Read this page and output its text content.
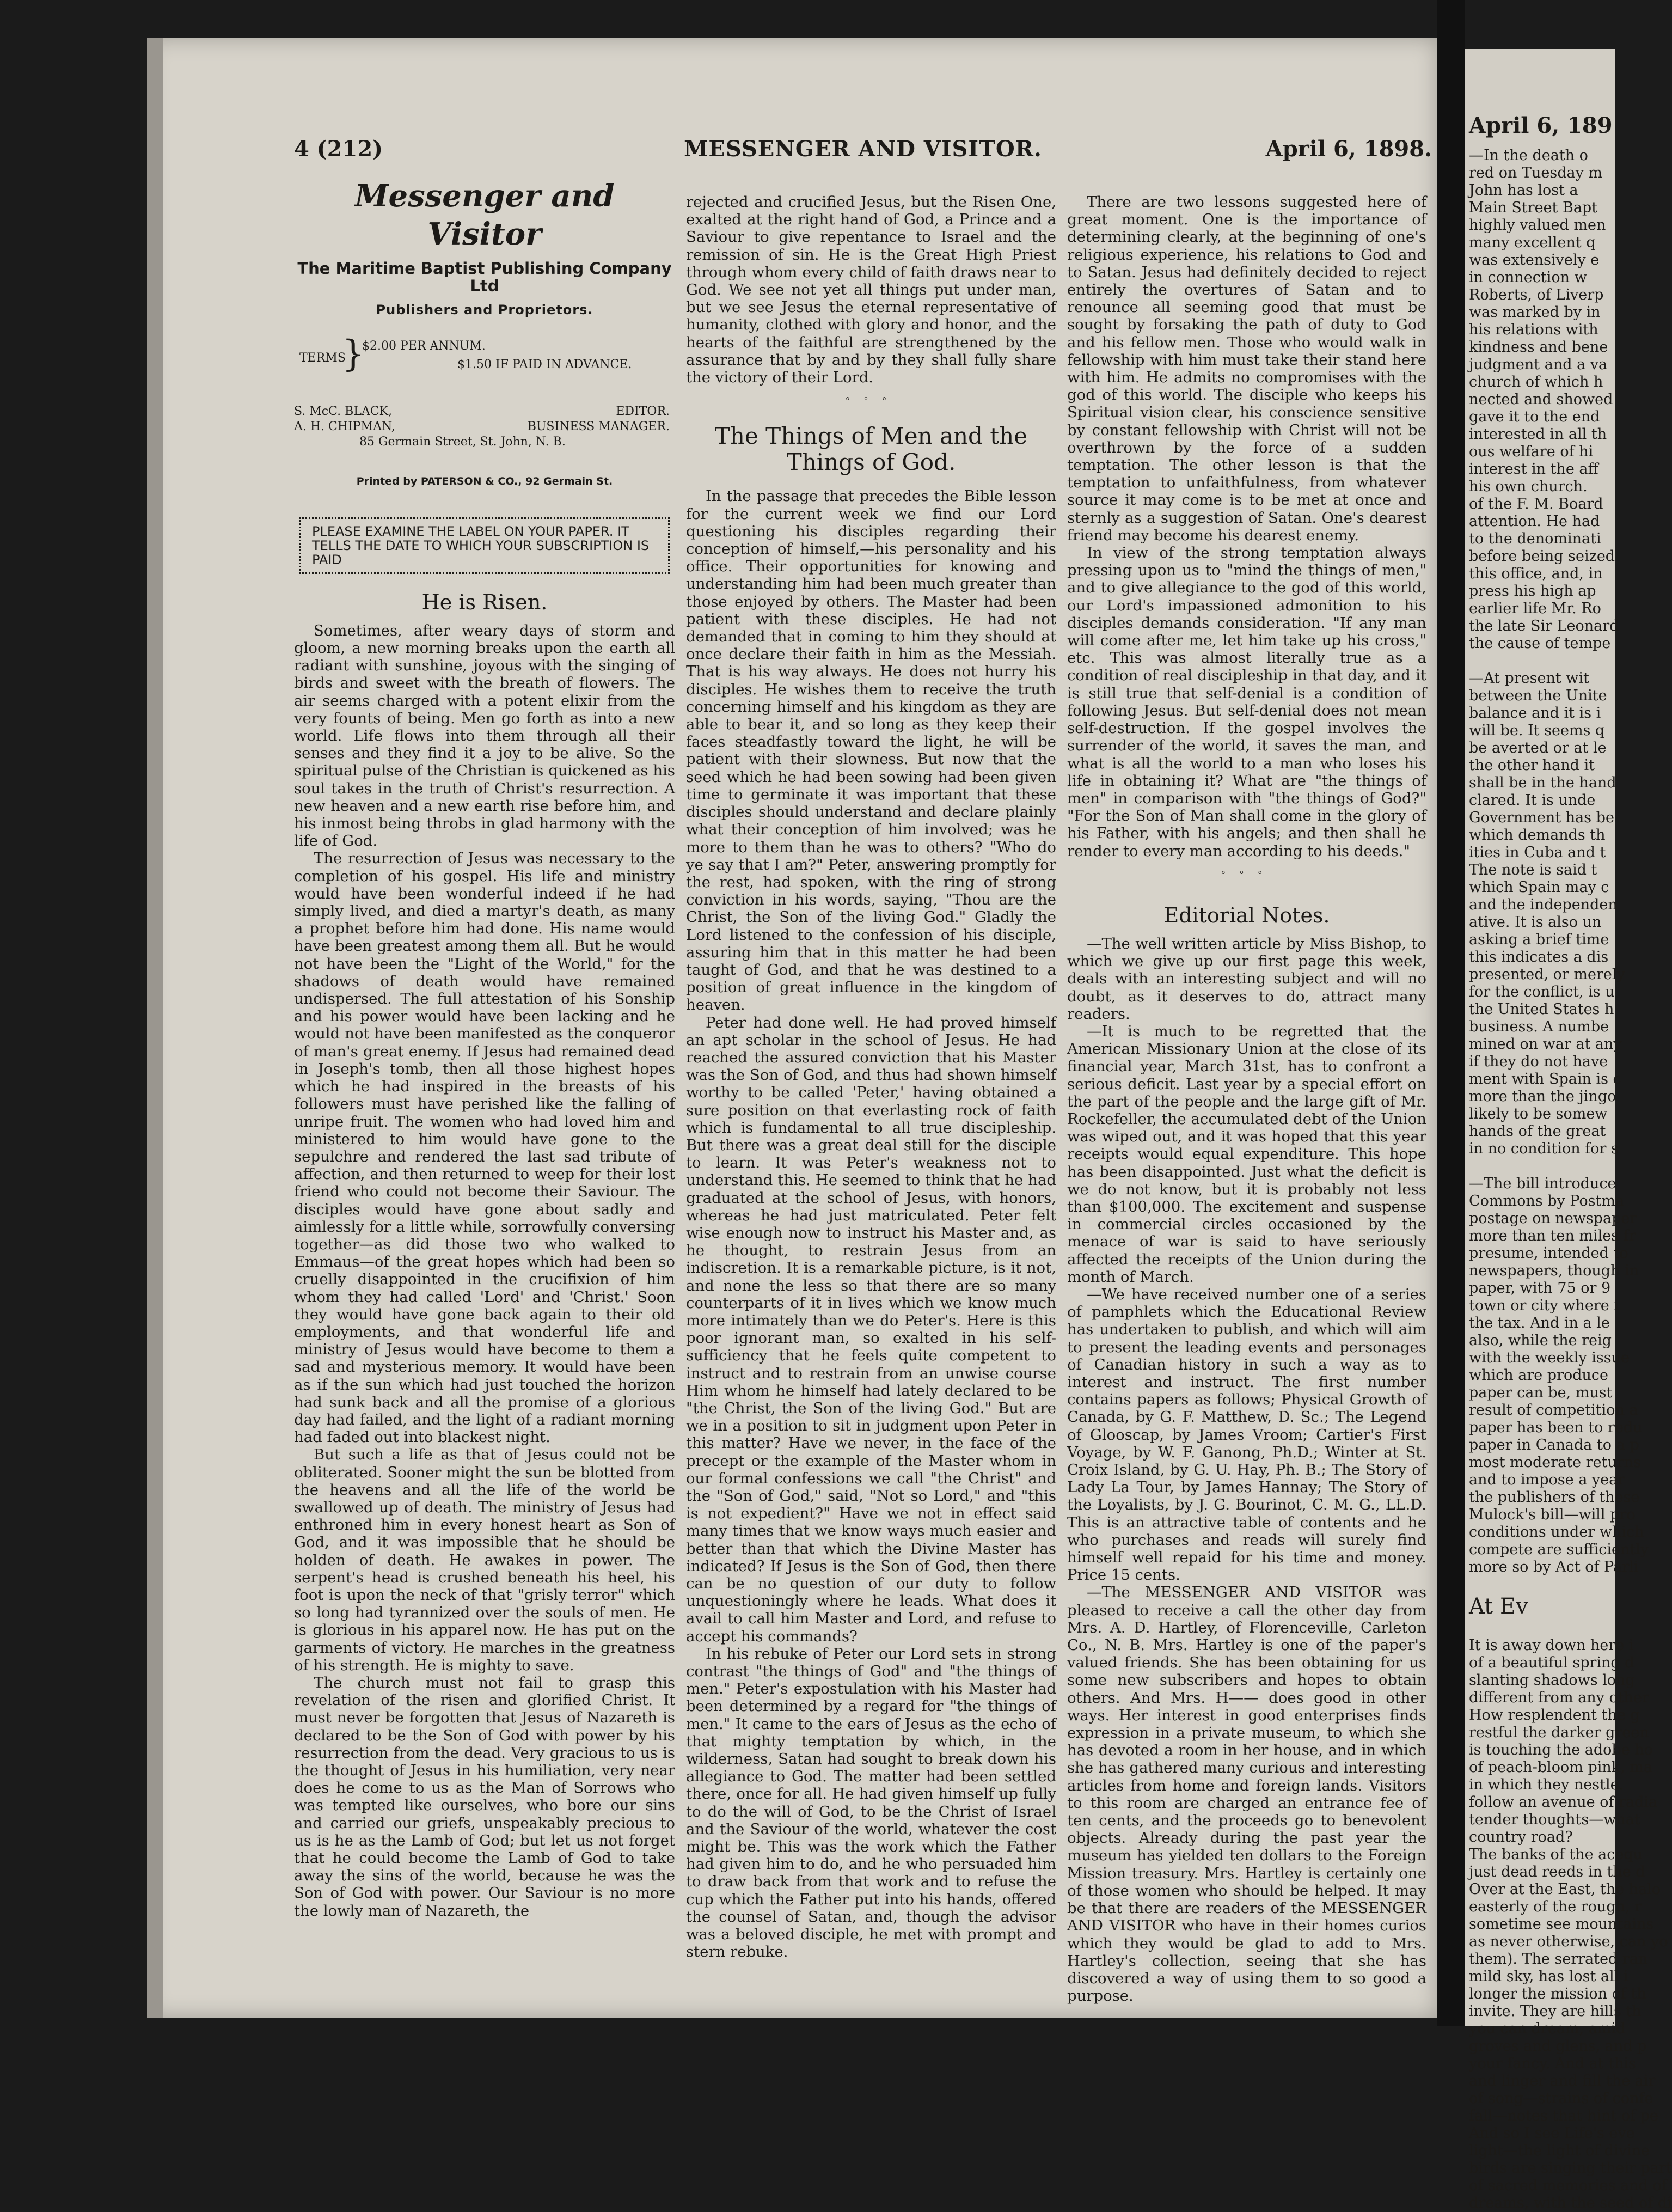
4 (212)	MESSENGER AND VISITOR.	April 6, 1898.
Messenger and Visitor
The Maritime Baptist Publishing Company Ltd
Publishers and Proprietors.
TERMS
}
$2.00 PER ANNUM.
$1.50 IF PAID IN ADVANCE.
S. McC. BLACK,	EDITOR.
A. H. CHIPMAN,	BUSINESS MANAGER.
85 Germain Street, St. John, N. B.
Printed by PATERSON & CO., 92 Germain St.
PLEASE EXAMINE THE LABEL ON YOUR PAPER. IT TELLS THE DATE TO WHICH YOUR SUBSCRIPTION IS PAID
He is Risen.

Sometimes, after weary days of storm and gloom, a new morning breaks upon the earth all radiant with sunshine, joyous with the singing of birds and sweet with the breath of flowers. The air seems charged with a potent elixir from the very founts of being. Men go forth as into a new world. Life flows into them through all their senses and they find it a joy to be alive. So the spiritual pulse of the Christian is quickened as his soul takes in the truth of Christ's resurrection. A new heaven and a new earth rise before him, and his inmost being throbs in glad harmony with the life of God.

The resurrection of Jesus was necessary to the completion of his gospel. His life and ministry would have been wonderful indeed if he had simply lived, and died a martyr's death, as many a prophet before him had done. His name would have been greatest among them all. But he would not have been the "Light of the World," for the shadows of death would have remained undispersed. The full attestation of his Sonship and his power would have been lacking and he would not have been manifested as the conqueror of man's great enemy. If Jesus had remained dead in Joseph's tomb, then all those highest hopes which he had inspired in the breasts of his followers must have perished like the falling of unripe fruit. The women who had loved him and ministered to him would have gone to the sepulchre and rendered the last sad tribute of affection, and then returned to weep for their lost friend who could not become their Saviour. The disciples would have gone about sadly and aimlessly for a little while, sorrowfully conversing together—as did those two who walked to Emmaus—of the great hopes which had been so cruelly disappointed in the crucifixion of him whom they had called 'Lord' and 'Christ.' Soon they would have gone back again to their old employments, and that wonderful life and ministry of Jesus would have become to them a sad and mysterious memory. It would have been as if the sun which had just touched the horizon had sunk back and all the promise of a glorious day had failed, and the light of a radiant morning had faded out into blackest night.

But such a life as that of Jesus could not be obliterated. Sooner might the sun be blotted from the heavens and all the life of the world be swallowed up of death. The ministry of Jesus had enthroned him in every honest heart as Son of God, and it was impossible that he should be holden of death. He awakes in power. The serpent's head is crushed beneath his heel, his foot is upon the neck of that "grisly terror" which so long had tyrannized over the souls of men. He is glorious in his apparel now. He has put on the garments of victory. He marches in the greatness of his strength. He is mighty to save.

The church must not fail to grasp this revelation of the risen and glorified Christ. It must never be forgotten that Jesus of Nazareth is declared to be the Son of God with power by his resurrection from the dead. Very gracious to us is the thought of Jesus in his humiliation, very near does he come to us as the Man of Sorrows who was tempted like ourselves, who bore our sins and carried our griefs, unspeakably precious to us is he as the Lamb of God; but let us not forget that he could become the Lamb of God to take away the sins of the world, because he was the Son of God with power. Our Saviour is no more the lowly man of Nazareth, the

rejected and crucified Jesus, but the Risen One, exalted at the right hand of God, a Prince and a Saviour to give repentance to Israel and the remission of sin. He is the Great High Priest through whom every child of faith draws near to God. We see not yet all things put under man, but we see Jesus the eternal representative of humanity, clothed with glory and honor, and the hearts of the faithful are strengthened by the assurance that by and by they shall fully share the victory of their Lord.

ﾟ ﾟ ﾟ
The Things of Men and the Things of God.

In the passage that precedes the Bible lesson for the current week we find our Lord questioning his disciples regarding their conception of himself,—his personality and his office. Their opportunities for knowing and understanding him had been much greater than those enjoyed by others. The Master had been patient with these disciples. He had not demanded that in coming to him they should at once declare their faith in him as the Messiah. That is his way always. He does not hurry his disciples. He wishes them to receive the truth concerning himself and his kingdom as they are able to bear it, and so long as they keep their faces steadfastly toward the light, he will be patient with their slowness. But now that the seed which he had been sowing had been given time to germinate it was important that these disciples should understand and declare plainly what their conception of him involved; was he more to them than he was to others? "Who do ye say that I am?" Peter, answering promptly for the rest, had spoken, with the ring of strong conviction in his words, saying, "Thou are the Christ, the Son of the living God." Gladly the Lord listened to the confession of his disciple, assuring him that in this matter he had been taught of God, and that he was destined to a position of great influence in the kingdom of heaven.

Peter had done well. He had proved himself an apt scholar in the school of Jesus. He had reached the assured conviction that his Master was the Son of God, and thus had shown himself worthy to be called 'Peter,' having obtained a sure position on that everlasting rock of faith which is fundamental to all true discipleship. But there was a great deal still for the disciple to learn. It was Peter's weakness not to understand this. He seemed to think that he had graduated at the school of Jesus, with honors, whereas he had just matriculated. Peter felt wise enough now to instruct his Master and, as he thought, to restrain Jesus from an indiscretion. It is a remarkable picture, is it not, and none the less so that there are so many counterparts of it in lives which we know much more intimately than we do Peter's. Here is this poor ignorant man, so exalted in his self-sufficiency that he feels quite competent to instruct and to restrain from an unwise course Him whom he himself had lately declared to be "the Christ, the Son of the living God." But are we in a position to sit in judgment upon Peter in this matter? Have we never, in the face of the precept or the example of the Master whom in our formal confessions we call "the Christ" and the "Son of God," said, "Not so Lord," and "this is not expedient?" Have we not in effect said many times that we know ways much easier and better than that which the Divine Master has indicated? If Jesus is the Son of God, then there can be no question of our duty to follow unquestioningly where he leads. What does it avail to call him Master and Lord, and refuse to accept his commands?

In his rebuke of Peter our Lord sets in strong contrast "the things of God" and "the things of men." Peter's expostulation with his Master had been determined by a regard for "the things of men." It came to the ears of Jesus as the echo of that mighty temptation by which, in the wilderness, Satan had sought to break down his allegiance to God. The matter had been settled there, once for all. He had given himself up fully to do the will of God, to be the Christ of Israel and the Saviour of the world, whatever the cost might be. This was the work which the Father had given him to do, and he who persuaded him to draw back from that work and to refuse the cup which the Father put into his hands, offered the counsel of Satan, and, though the advisor was a beloved disciple, he met with prompt and stern rebuke.

There are two lessons suggested here of great moment. One is the importance of determining clearly, at the beginning of one's religious experience, his relations to God and to Satan. Jesus had definitely decided to reject entirely the overtures of Satan and to renounce all seeming good that must be sought by forsaking the path of duty to God and his fellow men. Those who would walk in fellowship with him must take their stand here with him. He admits no compromises with the god of this world. The disciple who keeps his Spiritual vision clear, his conscience sensitive by constant fellowship with Christ will not be overthrown by the force of a sudden temptation. The other lesson is that the temptation to unfaithfulness, from whatever source it may come is to be met at once and sternly as a suggestion of Satan. One's dearest friend may become his dearest enemy.

In view of the strong temptation always pressing upon us to "mind the things of men," and to give allegiance to the god of this world, our Lord's impassioned admonition to his disciples demands consideration. "If any man will come after me, let him take up his cross," etc. This was almost literally true as a condition of real discipleship in that day, and it is still true that self-denial is a condition of following Jesus. But self-denial does not mean self-destruction. If the gospel involves the surrender of the world, it saves the man, and what is all the world to a man who loses his life in obtaining it? What are "the things of men" in comparison with "the things of God?" "For the Son of Man shall come in the glory of his Father, with his angels; and then shall he render to every man according to his deeds."

ﾟ ﾟ ﾟ
Editorial Notes.

—The well written article by Miss Bishop, to which we give up our first page this week, deals with an interesting subject and will no doubt, as it deserves to do, attract many readers.

—It is much to be regretted that the American Missionary Union at the close of its financial year, March 31st, has to confront a serious deficit. Last year by a special effort on the part of the people and the large gift of Mr. Rockefeller, the accumulated debt of the Union was wiped out, and it was hoped that this year receipts would equal expenditure. This hope has been disappointed. Just what the deficit is we do not know, but it is probably not less than $100,000. The excitement and suspense in commercial circles occasioned by the menace of war is said to have seriously affected the receipts of the Union during the month of March.

—We have received number one of a series of pamphlets which the Educational Review has undertaken to publish, and which will aim to present the leading events and personages of Canadian history in such a way as to interest and instruct. The first number contains papers as follows; Physical Growth of Canada, by G. F. Matthew, D. Sc.; The Legend of Glooscap, by James Vroom; Cartier's First Voyage, by W. F. Ganong, Ph.D.; Winter at St. Croix Island, by G. U. Hay, Ph. B.; The Story of Lady La Tour, by James Hannay; The Story of the Loyalists, by J. G. Bourinot, C. M. G., LL.D. This is an attractive table of contents and he who purchases and reads will surely find himself well repaid for his time and money. Price 15 cents.

—The MESSENGER AND VISITOR was pleased to receive a call the other day from Mrs. A. D. Hartley, of Florenceville, Carleton Co., N. B. Mrs. Hartley is one of the paper's valued friends. She has been obtaining for us some new subscribers and hopes to obtain others. And Mrs. H—— does good in other ways. Her interest in good enterprises finds expression in a private museum, to which she has devoted a room in her house, and in which she has gathered many curious and interesting articles from home and foreign lands. Visitors to this room are charged an entrance fee of ten cents, and the proceeds go to benevolent objects. Already during the past year the museum has yielded ten dollars to the Foreign Mission treasury. Mrs. Hartley is certainly one of those women who should be helped. It may be that there are readers of the MESSENGER AND VISITOR who have in their homes curios which they would be glad to add to Mrs. Hartley's collection, seeing that she has discovered a way of using them to so good a purpose.

April 6, 189

—In the death o

red on Tuesday m

John has lost a

Main Street Bapt

highly valued men

many excellent q

was extensively e

in connection w

Roberts, of Liverp

was marked by in

his relations with

kindness and bene

judgment and a va

church of which h

nected and showed

gave it to the end

interested in all th

ous welfare of hi

interest in the aff

his own church.

of the F. M. Board

attention. He had

to the denominati

before being seized

this office, and, in

press his high ap

earlier life Mr. Ro

the late Sir Leonard

the cause of tempe

—At present wit

between the Unite

balance and it is i

will be. It seems q

be averted or at le

the other hand it

shall be in the hand

clared. It is unde

Government has be

which demands th

ities in Cuba and t

The note is said t

which Spain may c

and the independen

ative. It is also un

asking a brief time

this indicates a dis

presented, or merely

for the conflict, is u

the United States h

business. A numbe

mined on war at any

if they do not have

ment with Spain is c

more than the jingo

likely to be somew

hands of the great

in no condition for s

—The bill introduce

Commons by Postma

postage on newspaper

more than ten miles fr

presume, intended to

newspapers, though in

paper, with 75 or 9

town or city where i

the tax. And in a le

also, while the reig

with the weekly issue

which are produce

paper can be, must

result of competition a

paper has been to redu

paper in Canada to a p

most moderate returns

and to impose a year

the publishers of these

Mulock's bill—will pro

conditions under which

compete are sufficiently

more so by Act of Parli

At Ev

It is away down here i

of a beautiful spring d

slanting shadows long

different from any other

How resplendent the g

restful the darker green

is touching the adobe ho

of peach-bloom pink, ma

in which they nestle.

follow an avenue of radia

tender thoughts—what

country road?

The banks of the acequ

just dead reeds in the d

Over at the East, the halo

easterly of the rough, r

sometime see mountains

as never otherwise, can yo

them). The serrated ran

mild sky, has lost all i

longer the mission of th

invite. They are hills th

you can dream, amid

groves and glens, and p

your fancy. And at this

and linger and fill the air

of song—strains of confe

fall—notes that hint of pe

And so I see Life's eve

light—the light of divine

birds are singing their part

of sacred memories and of

dreams, with the seed of di
